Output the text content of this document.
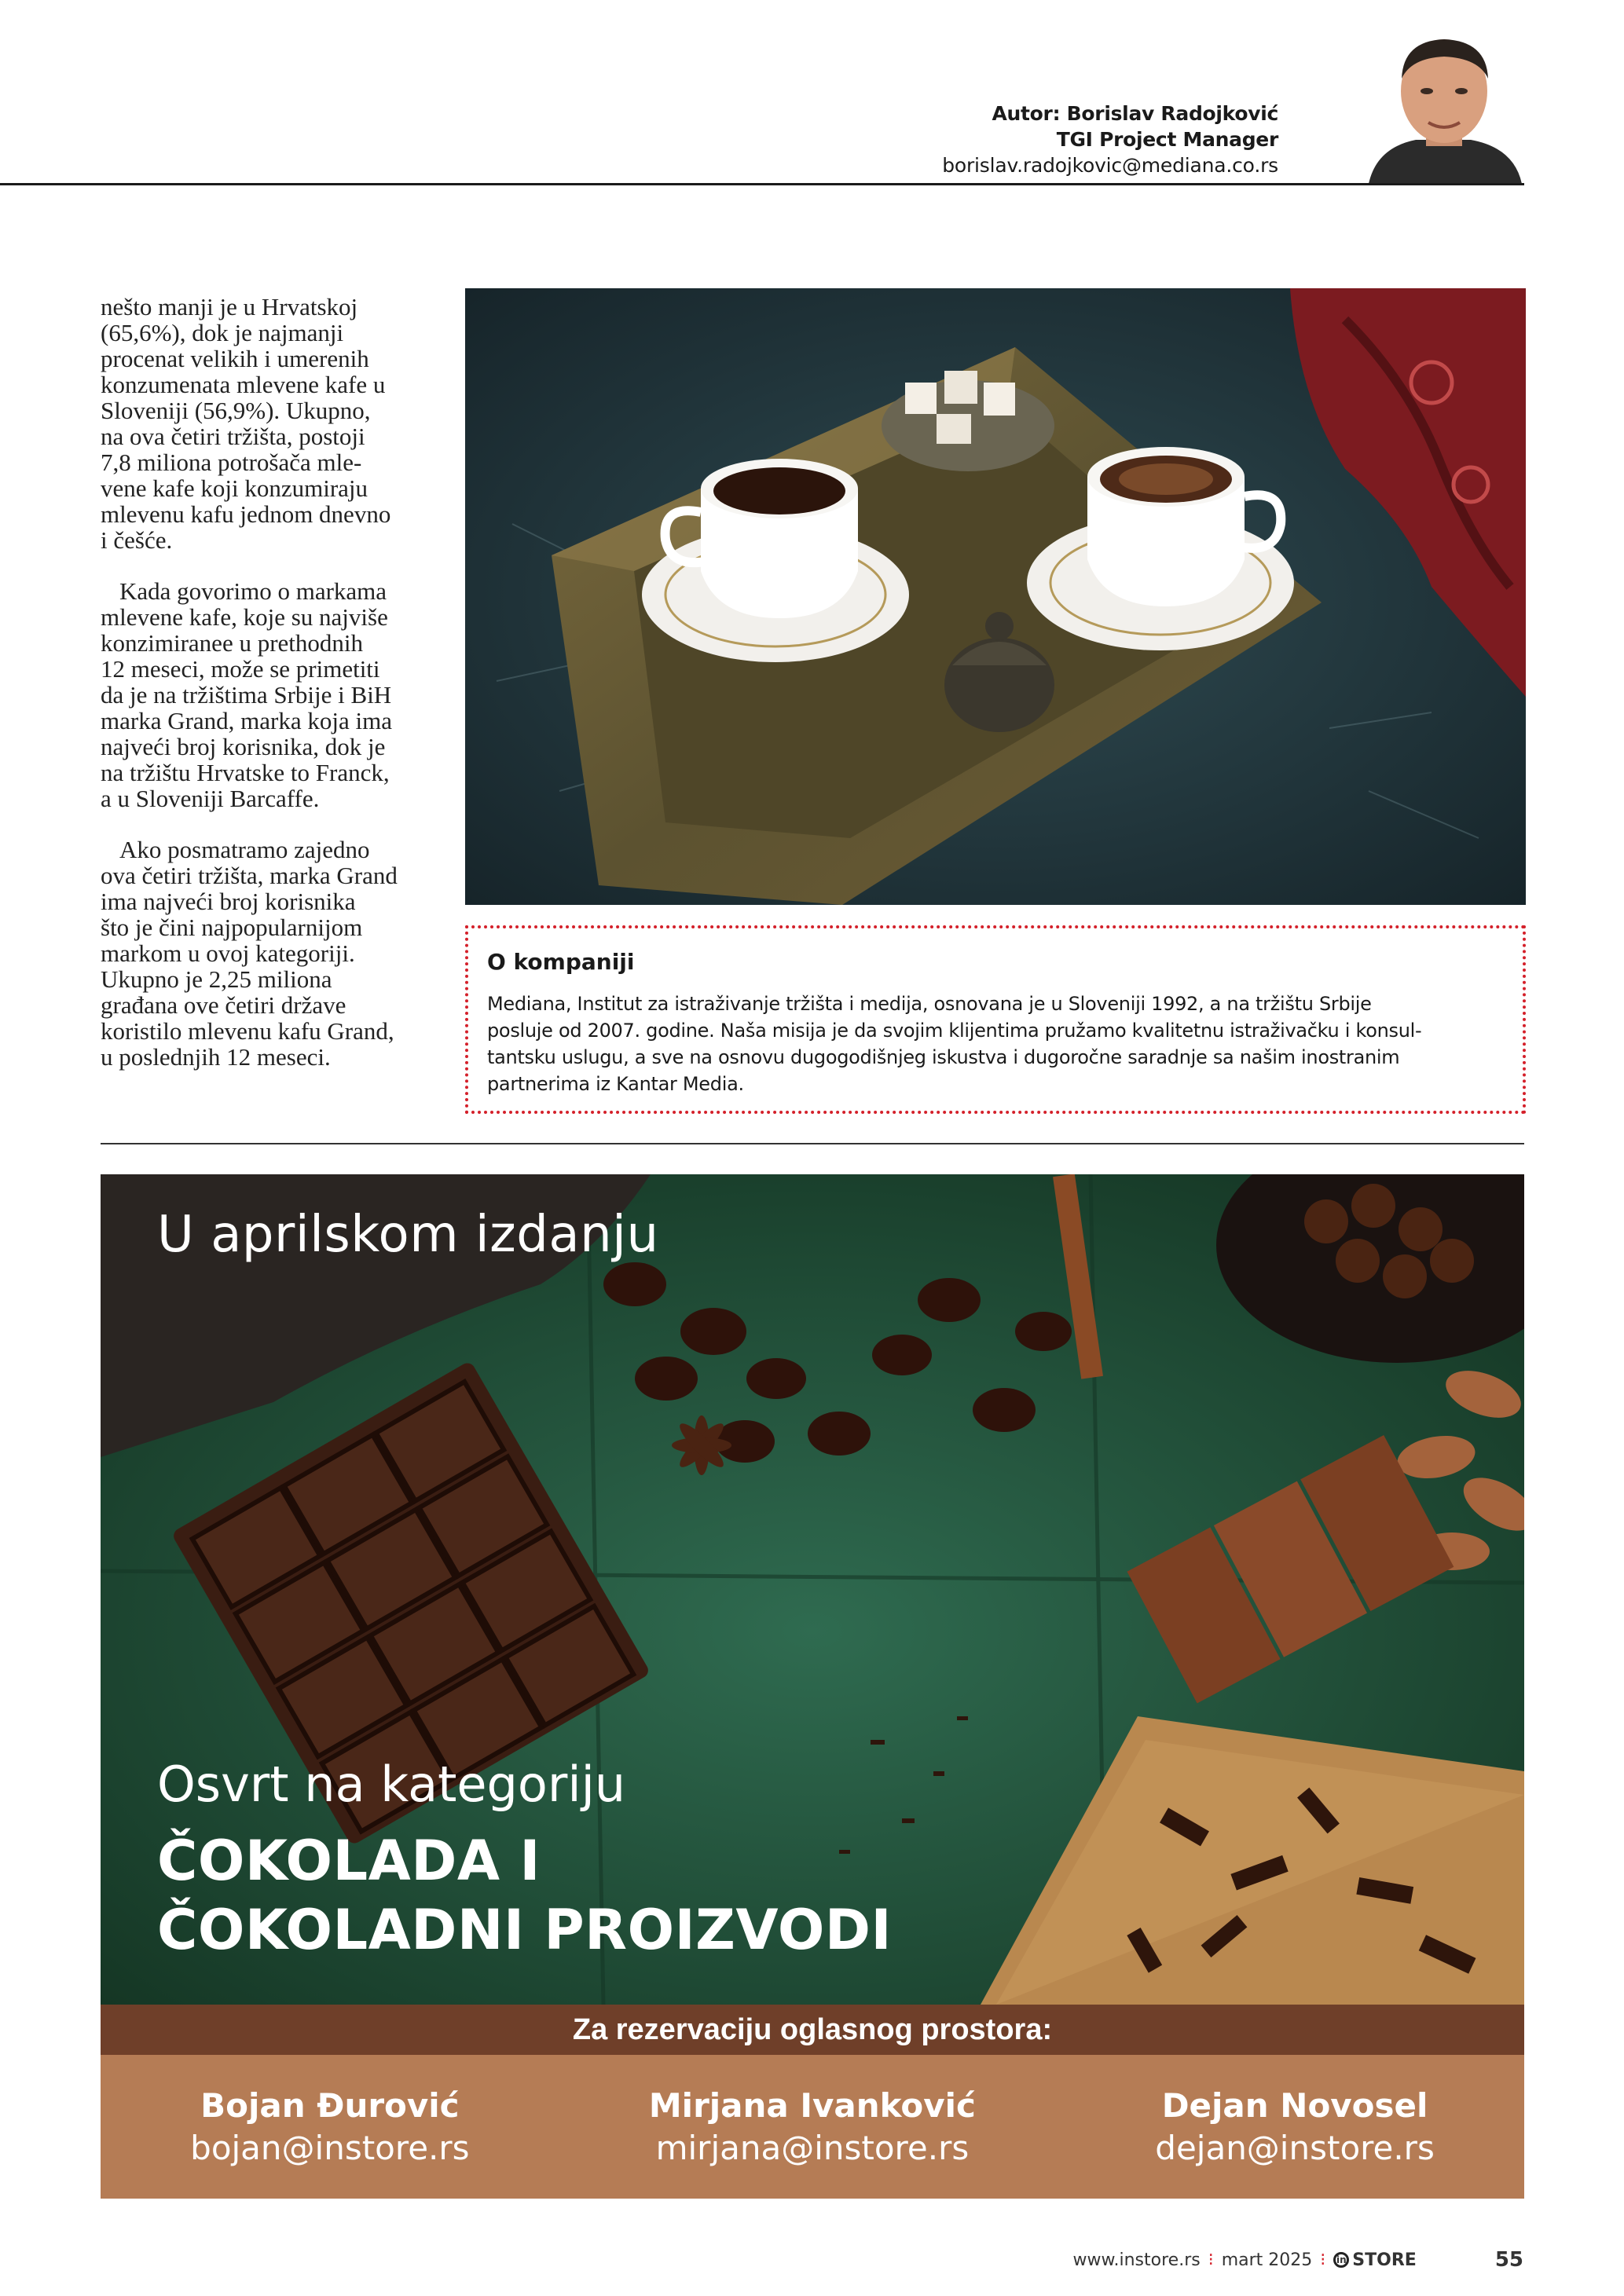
Autor: Borislav Radojković
TGI Project Manager
borislav.radojkovic@mediana.co.rs

nešto manji je u Hrvatskoj
(65,6%), dok je najmanji
procenat velikih i umerenih
konzumenata mlevene kafe u
Sloveniji (56,9%). Ukupno,
na ova četiri tržišta, postoji
7,8 miliona potrošača mle-
vene kafe koji konzumiraju
mlevenu kafu jednom dnevno
i češće.

Kada govorimo o markama
mlevene kafe, koje su najviše
konzimiranee u prethodnih
12 meseci, može se primetiti
da je na tržištima Srbije i BiH
marka Grand, marka koja ima
najveći broj korisnika, dok je
na tržištu Hrvatske to Franck,
a u Sloveniji Barcaffe.

Ako posmatramo zajedno
ova četiri tržišta, marka Grand
ima najveći broj korisnika
što je čini najpopularnijom
markom u ovoj kategoriji.
Ukupno je 2,25 miliona
građana ove četiri države
koristilo mlevenu kafu Grand,
u poslednjih 12 meseci.

O kompaniji

Mediana, Institut za istraživanje tržišta i medija, osnovana je u Sloveniji 1992, a na tržištu Srbije
posluje od 2007. godine. Naša misija je da svojim klijentima pružamo kvalitetnu istraživačku i konsul-
tantsku uslugu, a sve na osnovu dugogodišnjeg iskustva i dugoročne saradnje sa našim inostranim
partnerima iz Kantar Media.

U aprilskom izdanju
Osvrt na kategoriju
ČOKOLADA I
ČOKOLADNI PROIZVODI
Za rezervaciju oglasnog prostora:
Bojan Đurović
bojan@instore.rs
Mirjana Ivanković
mirjana@instore.rs
Dejan Novosel
dejan@instore.rs
www.instore.rs ⁝ mart 2025 ⁝	in STORE	55
